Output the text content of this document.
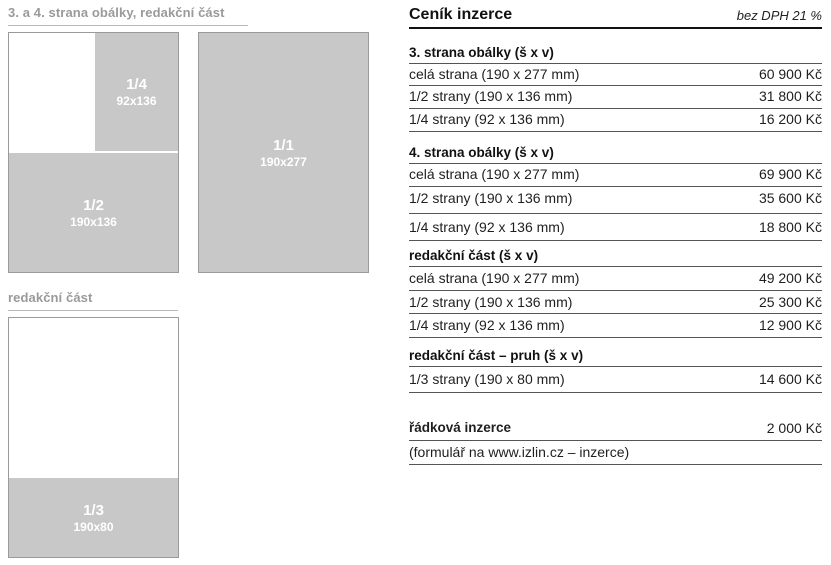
3. a 4. strana obálky, redakční část
1/4
92x136
1/2
190x136
1/1
190x277
redakční část
1/3
190x80
Ceník inzerce	bez DPH 21 %
3. strana obálky (š x v)
celá strana (190 x 277 mm)	60 900 Kč
1/2 strany (190 x 136 mm)	31 800 Kč
1/4 strany (92 x 136 mm)	16 200 Kč
4. strana obálky (š x v)
celá strana (190 x 277 mm)	69 900 Kč
1/2 strany (190 x 136 mm)	35 600 Kč
1/4 strany (92 x 136 mm)	18 800 Kč
redakční část (š x v)
celá strana (190 x 277 mm)	49 200 Kč
1/2 strany (190 x 136 mm)	25 300 Kč
1/4 strany (92 x 136 mm)	12 900 Kč
redakční část – pruh (š x v)
1/3 strany (190 x 80 mm)	14 600 Kč
řádková inzerce	2 000 Kč
(formulář na www.izlin.cz – inzerce)
